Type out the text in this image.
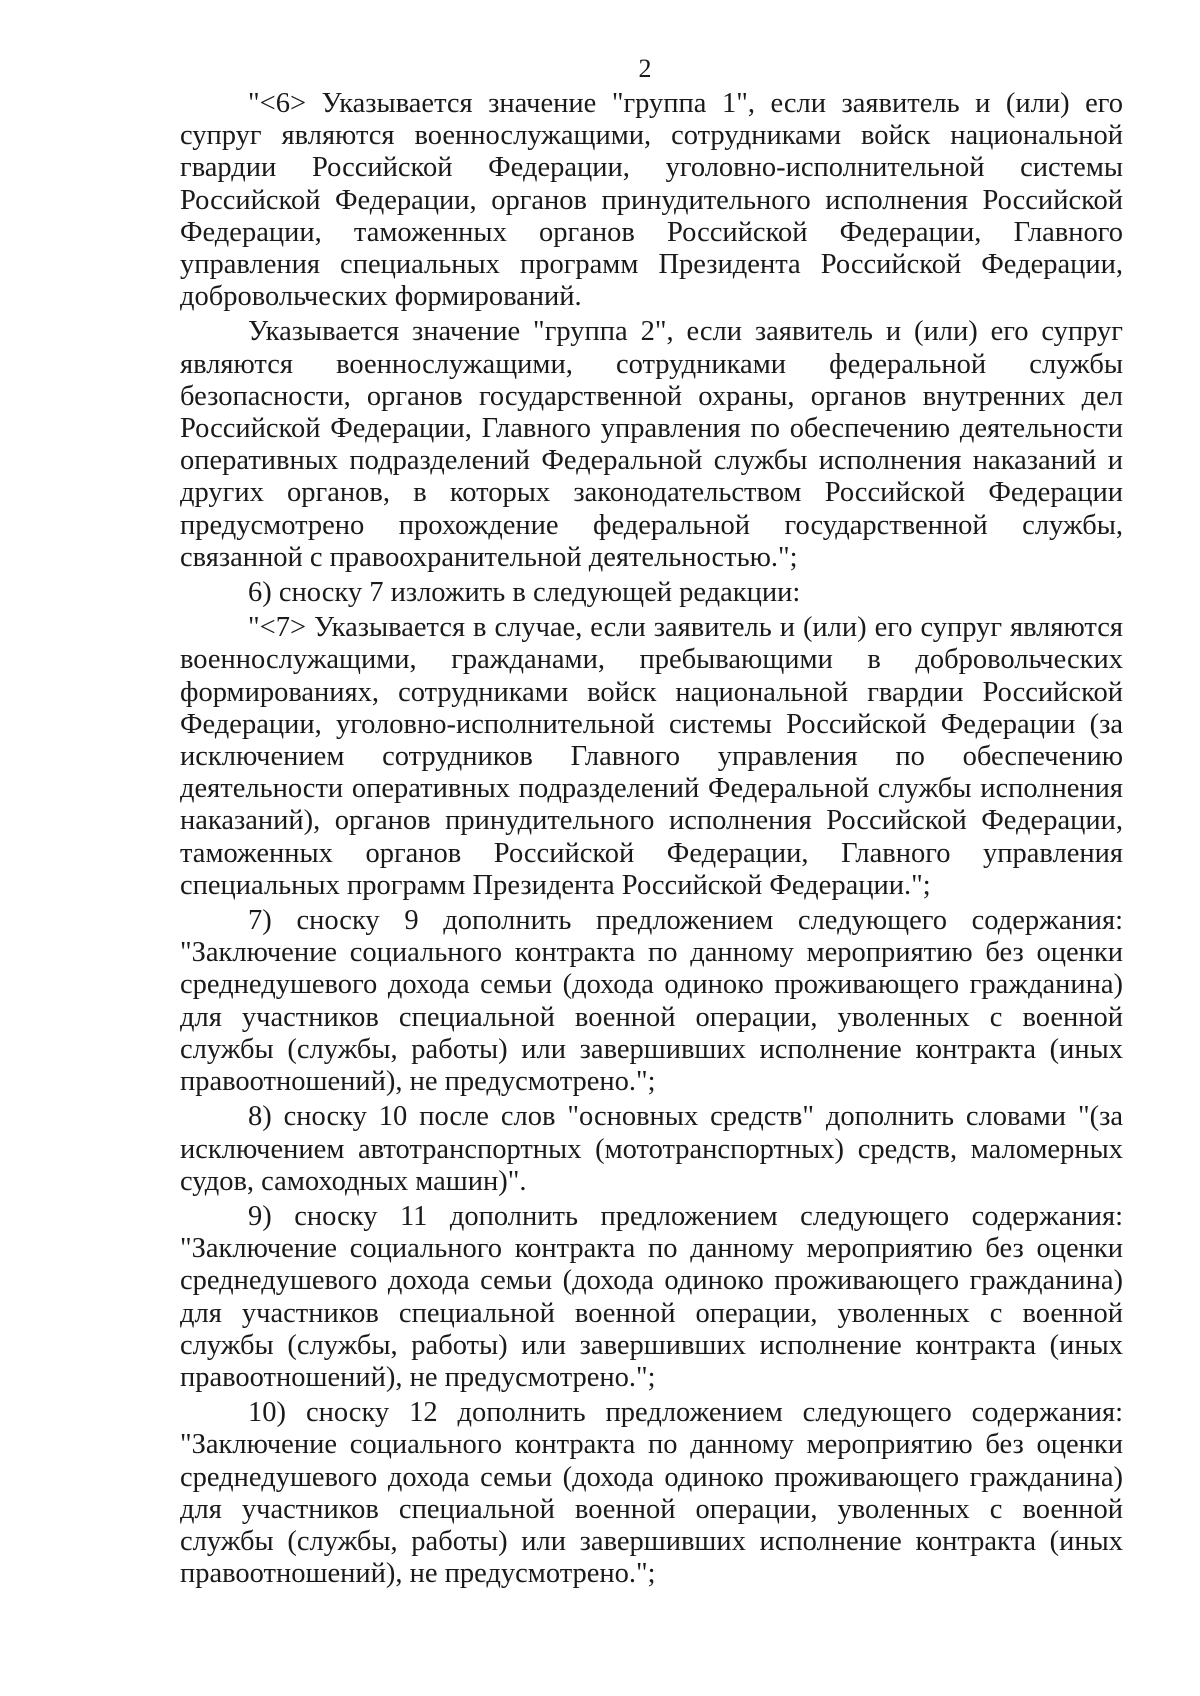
2

"<6> Указывается значение "группа 1", если заявитель и (или) его супруг являются военнослужащими, сотрудниками войск национальной гвардии Российской Федерации, уголовно-исполнительной системы Российской Федерации, органов принудительного исполнения Российской Федерации, таможенных органов Российской Федерации, Главного управления специальных программ Президента Российской Федерации, добровольческих формирований.

Указывается значение "группа 2", если заявитель и (или) его супруг являются военнослужащими, сотрудниками федеральной службы безопасности, органов государственной охраны, органов внутренних дел Российской Федерации, Главного управления по обеспечению деятельности оперативных подразделений Федеральной службы исполнения наказаний и других органов, в которых законодательством Российской Федерации предусмотрено прохождение федеральной государственной службы, связанной с правоохранительной деятельностью.";

6) сноску 7 изложить в следующей редакции:

"<7> Указывается в случае, если заявитель и (или) его супруг являются военнослужащими, гражданами, пребывающими в добровольческих формированиях, сотрудниками войск национальной гвардии Российской Федерации, уголовно-исполнительной системы Российской Федерации (за исключением сотрудников Главного управления по обеспечению деятельности оперативных подразделений Федеральной службы исполнения наказаний), органов принудительного исполнения Российской Федерации, таможенных органов Российской Федерации, Главного управления специальных программ Президента Российской Федерации.";

7) сноску 9 дополнить предложением следующего содержания: "Заключение социального контракта по данному мероприятию без оценки среднедушевого дохода семьи (дохода одиноко проживающего гражданина) для участников специальной военной операции, уволенных с военной службы (службы, работы) или завершивших исполнение контракта (иных правоотношений), не предусмотрено.";

8) сноску 10 после слов "основных средств" дополнить словами "(за исключением автотранспортных (мототранспортных) средств, маломерных судов, самоходных машин)".

9) сноску 11 дополнить предложением следующего содержания: "Заключение социального контракта по данному мероприятию без оценки среднедушевого дохода семьи (дохода одиноко проживающего гражданина) для участников специальной военной операции, уволенных с военной службы (службы, работы) или завершивших исполнение контракта (иных правоотношений), не предусмотрено.";

10) сноску 12 дополнить предложением следующего содержания: "Заключение социального контракта по данному мероприятию без оценки среднедушевого дохода семьи (дохода одиноко проживающего гражданина) для участников специальной военной операции, уволенных с военной службы (службы, работы) или завершивших исполнение контракта (иных правоотношений), не предусмотрено.";
